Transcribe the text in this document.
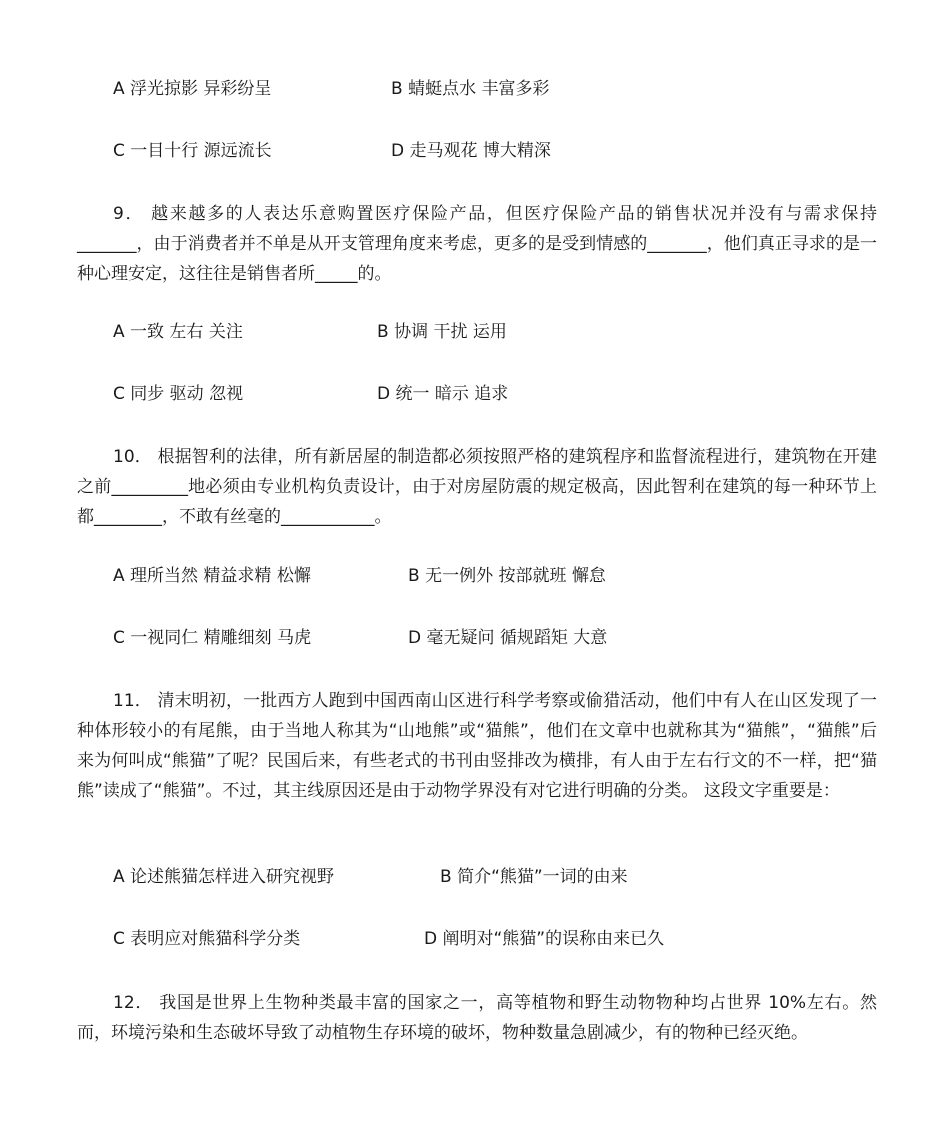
A 浮光掠影 异彩纷呈	B 蜻蜓点水 丰富多彩
C 一目十行 源远流长	D 走马观花 博大精深
9． 越来越多的人表达乐意购置医疗保险产品，但医疗保险产品的销售状况并没有与需求保持_______，由于消费者并不单是从开支管理角度来考虑，更多的是受到情感的_______，他们真正寻求的是一种心理安定，这往往是销售者所_____的。
A 一致 左右 关注	B 协调 干扰 运用
C 同步 驱动 忽视	D 统一 暗示 追求
10． 根据智利的法律，所有新居屋的制造都必须按照严格的建筑程序和监督流程进行，建筑物在开建之前_________地必须由专业机构负责设计，由于对房屋防震的规定极高，因此智利在建筑的每一种环节上都________，不敢有丝毫的___________。
A 理所当然 精益求精 松懈	B 无一例外 按部就班 懈怠
C 一视同仁 精雕细刻 马虎	D 毫无疑问 循规蹈矩 大意
11． 清末明初，一批西方人跑到中国西南山区进行科学考察或偷猎活动，他们中有人在山区发现了一种体形较小的有尾熊，由于当地人称其为“山地熊”或“猫熊”，他们在文章中也就称其为“猫熊”，“猫熊”后来为何叫成“熊猫”了呢？民国后来，有些老式的书刊由竖排改为横排，有人由于左右行文的不一样，把“猫熊”读成了“熊猫”。不过，其主线原因还是由于动物学界没有对它进行明确的分类。 这段文字重要是：
A 论述熊猫怎样进入研究视野	B 简介“熊猫”一词的由来
C 表明应对熊猫科学分类	D 阐明对“熊猫”的误称由来已久
12． 我国是世界上生物种类最丰富的国家之一，高等植物和野生动物物种均占世界 10%左右。然而，环境污染和生态破坏导致了动植物生存环境的破坏，物种数量急剧减少，有的物种已经灭绝。
